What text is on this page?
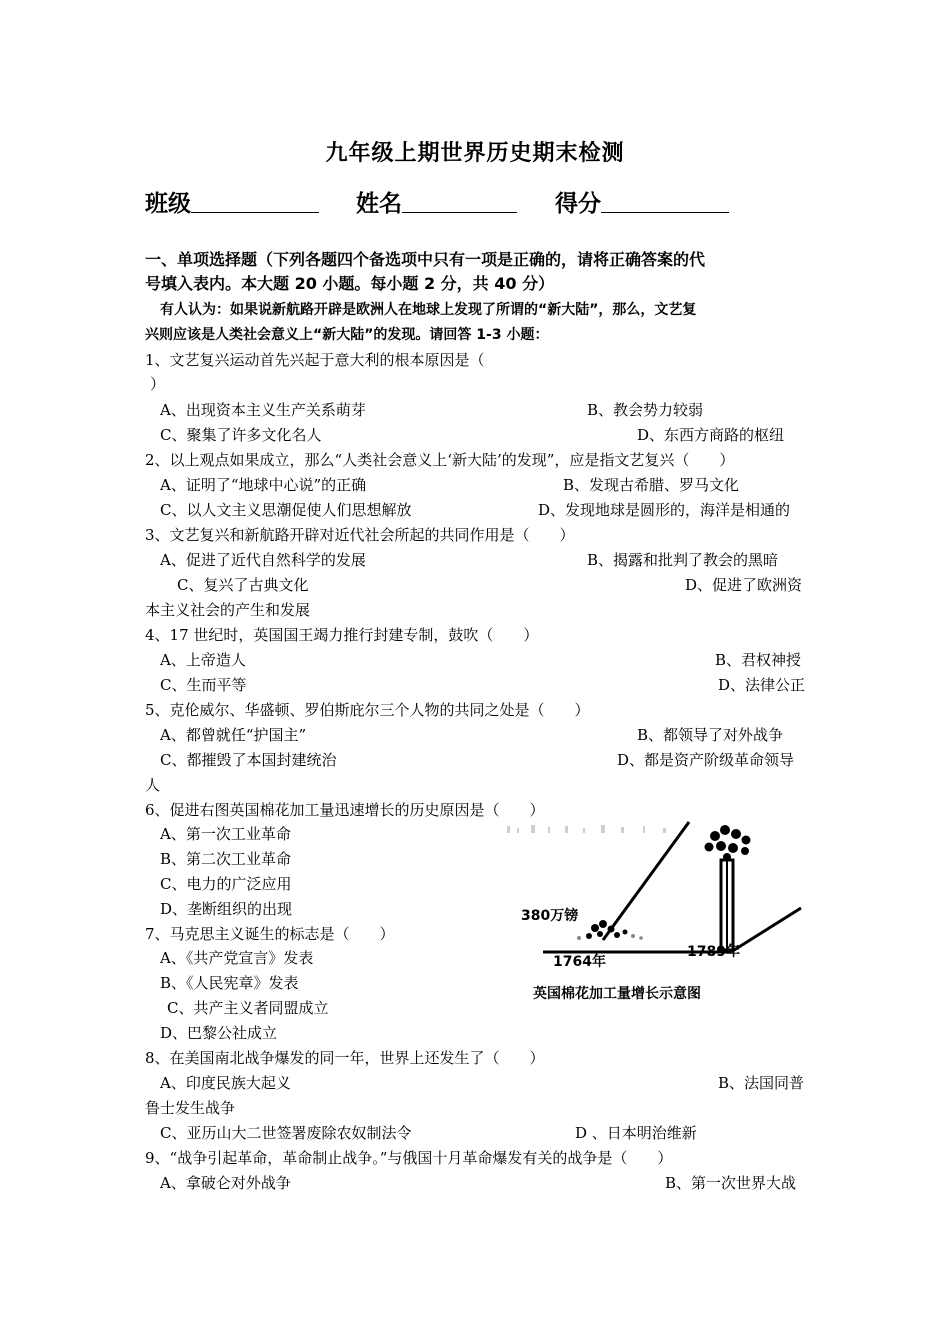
九年级上期世界历史期末检测
班级	姓名	得分
一、单项选择题（下列各题四个备选项中只有一项是正确的，请将正确答案的代
号填入表内。本大题 20 小题。每小题 2 分，共 40 分）
有人认为：如果说新航路开辟是欧洲人在地球上发现了所谓的“新大陆”，那么，文艺复
兴则应该是人类社会意义上“新大陆”的发现。请回答 1-3 小题：
1、文艺复兴运动首先兴起于意大利的根本原因是（
）
A、出现资本主义生产关系萌芽	B、教会势力较弱
C、聚集了许多文化名人	D、东西方商路的枢纽
2、以上观点如果成立，那么“人类社会意义上‘新大陆’的发现”，应是指文艺复兴（　　）
A、证明了“地球中心说”的正确	B、发现古希腊、罗马文化
C、以人文主义思潮促使人们思想解放	D、发现地球是圆形的，海洋是相通的
3、文艺复兴和新航路开辟对近代社会所起的共同作用是（　　）
A、促进了近代自然科学的发展	B、揭露和批判了教会的黑暗
C、复兴了古典文化	D、促进了欧洲资
本主义社会的产生和发展
4、17 世纪时，英国国王竭力推行封建专制，鼓吹（　　）
A、上帝造人	B、君权神授
C、生而平等	D、法律公正
5、克伦威尔、华盛顿、罗伯斯庇尔三个人物的共同之处是（　　）
A、都曾就任“护国主”	B、都领导了对外战争
C、都摧毁了本国封建统治	D、都是资产阶级革命领导
人
6、促进右图英国棉花加工量迅速增长的历史原因是（　　）
A、第一次工业革命
B、第二次工业革命
C、电力的广泛应用
D、垄断组织的出现
7、马克思主义诞生的标志是（　　）
A、《共产党宣言》发表
B、《人民宪章》发表
C、共产主义者同盟成立
D、巴黎公社成立
8、在美国南北战争爆发的同一年，世界上还发生了（　　）
A、印度民族大起义	B、法国同普
鲁士发生战争
C、亚历山大二世签署废除农奴制法令	D 、日本明治维新
9、“战争引起革命，革命制止战争。”与俄国十月革命爆发有关的战争是（　　）
A、拿破仑对外战争	B、第一次世界大战
380万镑
1764年
1789年
英国棉花加工量增长示意图
